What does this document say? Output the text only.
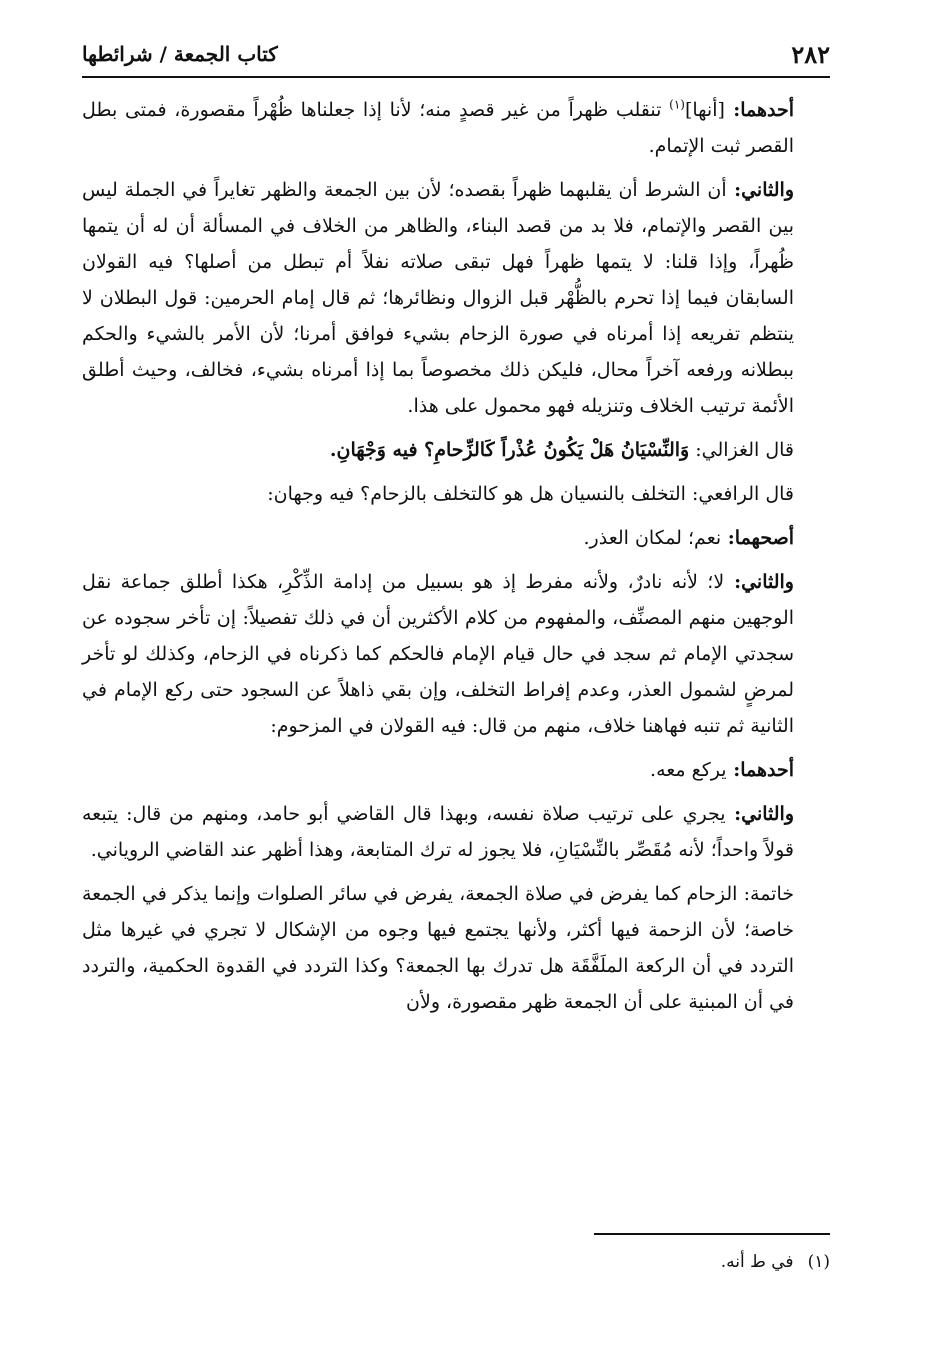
٢٨٢
كتاب الجمعة / شرائطها

أحدهما: [أنها]$^{(١)}$ تنقلب ظهراً من غير قصدٍ منه؛ لأنا إذا جعلناها ظُهْراً مقصورة، فمتى بطل القصر ثبت الإتمام.

والثاني: أن الشرط أن يقلبهما ظهراً بقصده؛ لأن بين الجمعة والظهر تغايراً في الجملة ليس بين القصر والإتمام، فلا بد من قصد البناء، والظاهر من الخلاف في المسألة أن له أن يتمها ظُهراً، وإذا قلنا: لا يتمها ظهراً فهل تبقى صلاته نفلاً أم تبطل من أصلها؟ فيه القولان السابقان فيما إذا تحرم بالظُّهْر قبل الزوال ونظائرها؛ ثم قال إمام الحرمين: قول البطلان لا ينتظم تفريعه إذا أمرناه في صورة الزحام بشيء فوافق أمرنا؛ لأن الأمر بالشيء والحكم ببطلانه ورفعه آخراً محال، فليكن ذلك مخصوصاً بما إذا أمرناه بشيء، فخالف، وحيث أطلق الأئمة ترتيب الخلاف وتنزيله فهو محمول على هذا.

قال الغزالي: وَالنِّسْيَانُ هَلْ يَكُونُ عُذْراً كَالزِّحامِ؟ فيه وَجْهَانِ.

قال الرافعي: التخلف بالنسيان هل هو كالتخلف بالزحام؟ فيه وجهان:

أصحهما: نعم؛ لمكان العذر.

والثاني: لا؛ لأنه نادرٌ، ولأنه مفرط إذ هو بسبيل من إدامة الذِّكْرِ، هكذا أطلق جماعة نقل الوجهين منهم المصنِّف، والمفهوم من كلام الأكثرين أن في ذلك تفصيلاً: إن تأخر سجوده عن سجدتي الإمام ثم سجد في حال قيام الإمام فالحكم كما ذكرناه في الزحام، وكذلك لو تأخر لمرضٍ لشمول العذر، وعدم إفراط التخلف، وإن بقي ذاهلاً عن السجود حتى ركع الإمام في الثانية ثم تنبه فهاهنا خلاف، منهم من قال: فيه القولان في المزحوم:

أحدهما: يركع معه.

والثاني: يجري على ترتيب صلاة نفسه، وبهذا قال القاضي أبو حامد، ومنهم من قال: يتبعه قولاً واحداً؛ لأنه مُقَصِّر بالنِّسْيَانِ، فلا يجوز له ترك المتابعة، وهذا أظهر عند القاضي الروياني.

خاتمة: الزحام كما يفرض في صلاة الجمعة، يفرض في سائر الصلوات وإنما يذكر في الجمعة خاصة؛ لأن الزحمة فيها أكثر، ولأنها يجتمع فيها وجوه من الإشكال لا تجري في غيرها مثل التردد في أن الركعة الملَفَّقَة هل تدرك بها الجمعة؟ وكذا التردد في القدوة الحكمية، والتردد في أن المبنية على أن الجمعة ظهر مقصورة، ولأن

(١)في ط أنه.
